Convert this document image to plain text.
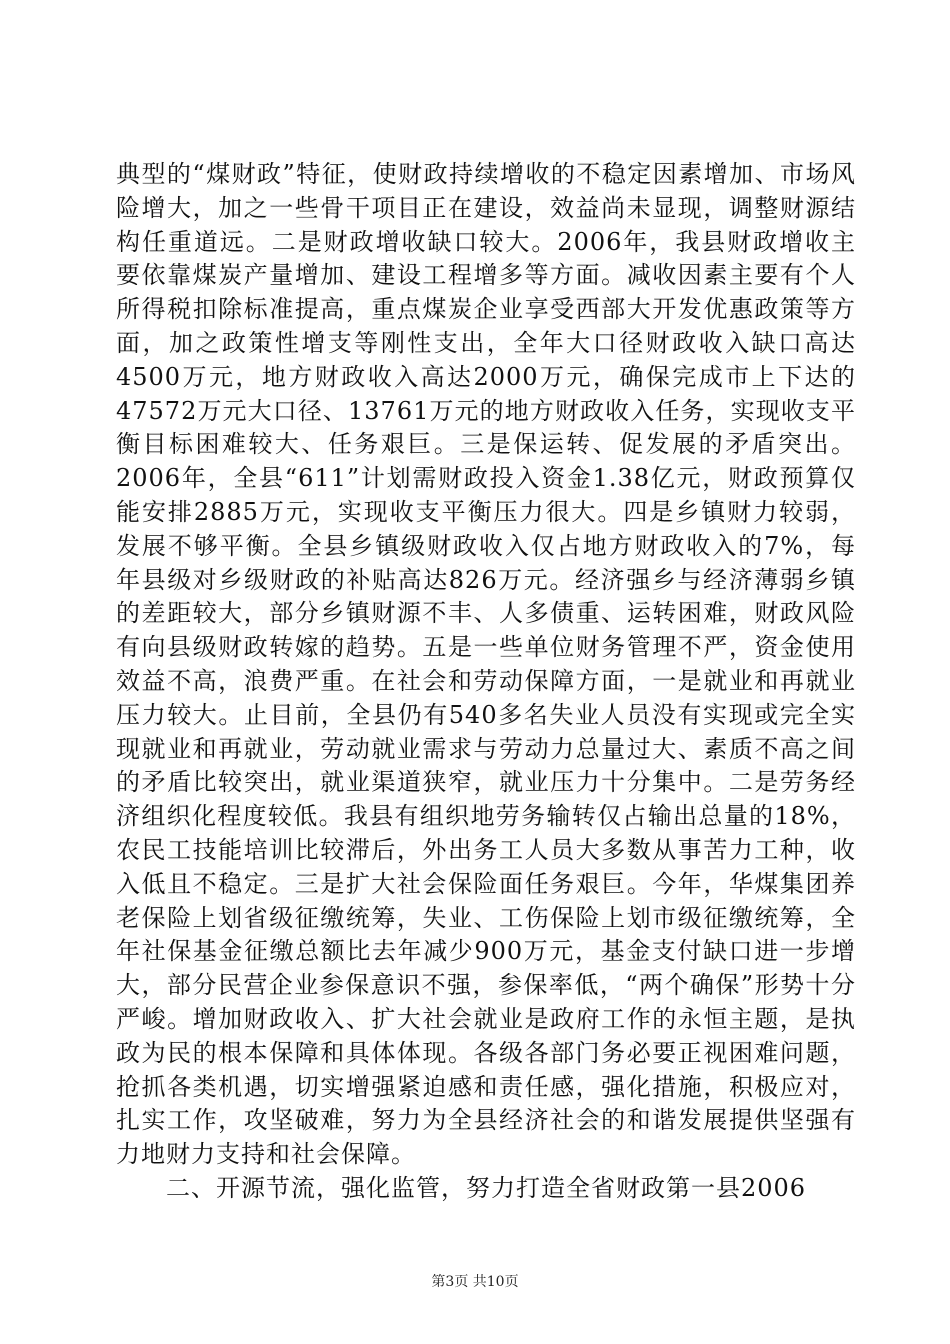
典型的“煤财政”特征，使财政持续增收的不稳定因素增加、市场风险增大，加之一些骨干项目正在建设，效益尚未显现，调整财源结构任重道远。二是财政增收缺口较大。2006年，我县财政增收主要依靠煤炭产量增加、建设工程增多等方面。减收因素主要有个人所得税扣除标准提高，重点煤炭企业享受西部大开发优惠政策等方面，加之政策性增支等刚性支出，全年大口径财政收入缺口高达4500万元，地方财政收入高达2000万元，确保完成市上下达的47572万元大口径、13761万元的地方财政收入任务，实现收支平衡目标困难较大、任务艰巨。三是保运转、促发展的矛盾突出。2006年，全县“611”计划需财政投入资金1.38亿元，财政预算仅能安排2885万元，实现收支平衡压力很大。四是乡镇财力较弱，发展不够平衡。全县乡镇级财政收入仅占地方财政收入的7%，每年县级对乡级财政的补贴高达826万元。经济强乡与经济薄弱乡镇的差距较大，部分乡镇财源不丰、人多债重、运转困难，财政风险有向县级财政转嫁的趋势。五是一些单位财务管理不严，资金使用效益不高，浪费严重。在社会和劳动保障方面，一是就业和再就业压力较大。止目前，全县仍有540多名失业人员没有实现或完全实现就业和再就业，劳动就业需求与劳动力总量过大、素质不高之间的矛盾比较突出，就业渠道狭窄，就业压力十分集中。二是劳务经济组织化程度较低。我县有组织地劳务输转仅占输出总量的18%，农民工技能培训比较滞后，外出务工人员大多数从事苦力工种，收入低且不稳定。三是扩大社会保险面任务艰巨。今年，华煤集团养老保险上划省级征缴统筹，失业、工伤保险上划市级征缴统筹，全年社保基金征缴总额比去年减少900万元，基金支付缺口进一步增大，部分民营企业参保意识不强，参保率低，“两个确保”形势十分严峻。增加财政收入、扩大社会就业是政府工作的永恒主题，是执政为民的根本保障和具体体现。各级各部门务必要正视困难问题，抢抓各类机遇，切实增强紧迫感和责任感，强化措施，积极应对，扎实工作，攻坚破难，努力为全县经济社会的和谐发展提供坚强有力地财力支持和社会保障。

二、开源节流，强化监管，努力打造全省财政第一县2006

第3页 共10页
